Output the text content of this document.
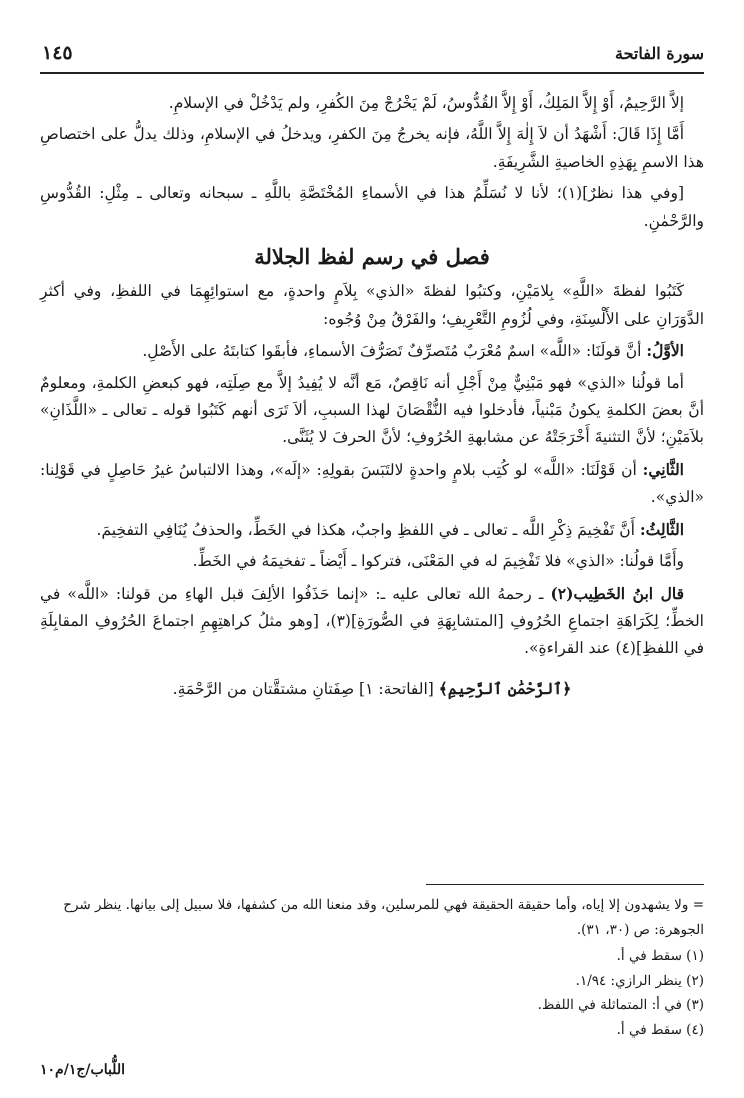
١٤٥	سورة الفاتحة

إلاَّ الرَّحِيمُ، أَوْ إِلاَّ المَلِكُ، أَوْ إِلاَّ القُدُّوسُ، لَمْ يَخْرُجْ مِنَ الكُفرِ، ولم يَدْخُلْ في الإسلامِ.

أَمَّا إِذَا قَالَ: أَشْهَدُ أن لاَ إِلٰهَ إِلاَّ اللَّهُ، فإنه يخرجُ مِنَ الكفرِ، ويدخلُ في الإسلامِ، وذلك يدلُّ على اختصاصِ هذا الاسمِ بِهَذِهِ الخاصيةِ الشَّرِيفَةِ.

[وفي هذا نظرٌ](١)؛ لأنا لا نُسَلِّمُ هذا في الأسماءِ المُخْتَصَّةِ باللَّهِ ـ سبحانه وتعالى ـ مِثْلِ: القُدُّوسِ والرَّحْمٰنِ.

فصل في رسم لفظ الجلالة

كَتَبُوا لفظةَ «اللَّهِ» بِلامَيْنِ، وكتبُوا لفظةَ «الذي» بِلاَمٍ واحدةٍ، مع استوائِهِمَا في اللفظِ، وفي أكثرِ الدَّوَرَانِ على الأَلْسِنَةِ، وفي لُزُومِ التَّعْرِيفِ؛ والفَرْقُ مِنْ وُجُوه:

الأوَّلُ: أنَّ قولَنَا: «اللَّه» اسمٌ مُعْرَبٌ مُتَصرِّفٌ تَصَرُّفَ الأسماءِ، فأبقَوا كتابتَهُ على الأَصْلِ.

أما قولُنا «الذي» فهو مَبْنِيٌّ مِنْ أَجْلِ أنه نَاقِصٌ، مَع أنَّه لا يُفِيدُ إلاَّ مع صِلَتِه، فهو كبعضِ الكلمةِ، ومعلومٌ أنَّ بعضَ الكلمةِ يكونُ مَبْنياً، فأدخلوا فيه النُّقْصَانَ لهذا السببِ، ألاَ تَرَى أنهم كَتَبُوا قوله ـ تعالى ـ «اللَّذَانِ» بلاَمَيْنِ؛ لأنَّ التثنيةَ أَخْرَجَتْهُ عن مشابهةِ الحُرُوفِ؛ لأنَّ الحرفَ لا يُثَنَّى.

الثَّانِي: أن قَوْلَنَا: «اللَّه» لو كُتِب بلامٍ واحدةٍ لالتَبَسَ بقولِهِ: «إلَه»، وهذا الالتباسُ غيرُ حَاصِلٍ في قَوْلِنا: «الذي».

الثَّالِثُ: أَنَّ تَفْخِيمَ ذِكْرِ اللَّه ـ تعالى ـ في اللفظِ واجبٌ، هكذا في الخَطِّ، والحذفُ يُنَافِي التفخِيمَ.

وأَمَّا قولُنا: «الذي» فلا تَفْخِيمَ له في المَعْنَى، فتركوا ـ أَيْضاً ـ تفخيمَهُ في الخَطِّ.

قال ابنُ الخَطِيب(٢) ـ رحمهُ الله تعالى عليه ـ: «إنما حَذَفُوا الألِفَ قبل الهاءِ من قولنا: «اللَّه» في الخطِّ؛ لِكَرَاهَةِ اجتماعِ الحُرُوفِ [المتشابِهَةِ في الصُّورَةِ](٣)، [وهو مثلُ كراهتِهِمِ اجتماعَ الحُرُوفِ المقابِلَةِ في اللفظِ](٤) عند القراءةِ».

﴿ٱلرَّحْمَٰنِ ٱلرَّحِيمِ﴾ [الفاتحة: ١] صِفَتانِ مشتقَّتان من الرَّحْمَةِ.

= ولا يشهدون إلا إياه، وأما حقيقة الحقيقة فهي للمرسلين، وقد منعنا الله من كشفها، فلا سبيل إلى بيانها. ينظر شرح الجوهرة: ص (٣٠، ٣١).

(١) سقط في أ.

(٢) ينظر الرازي: ١/٩٤.

(٣) في أ: المتماثلة في اللفظ.

(٤) سقط في أ.

اللُّباب/ج١/م١٠
